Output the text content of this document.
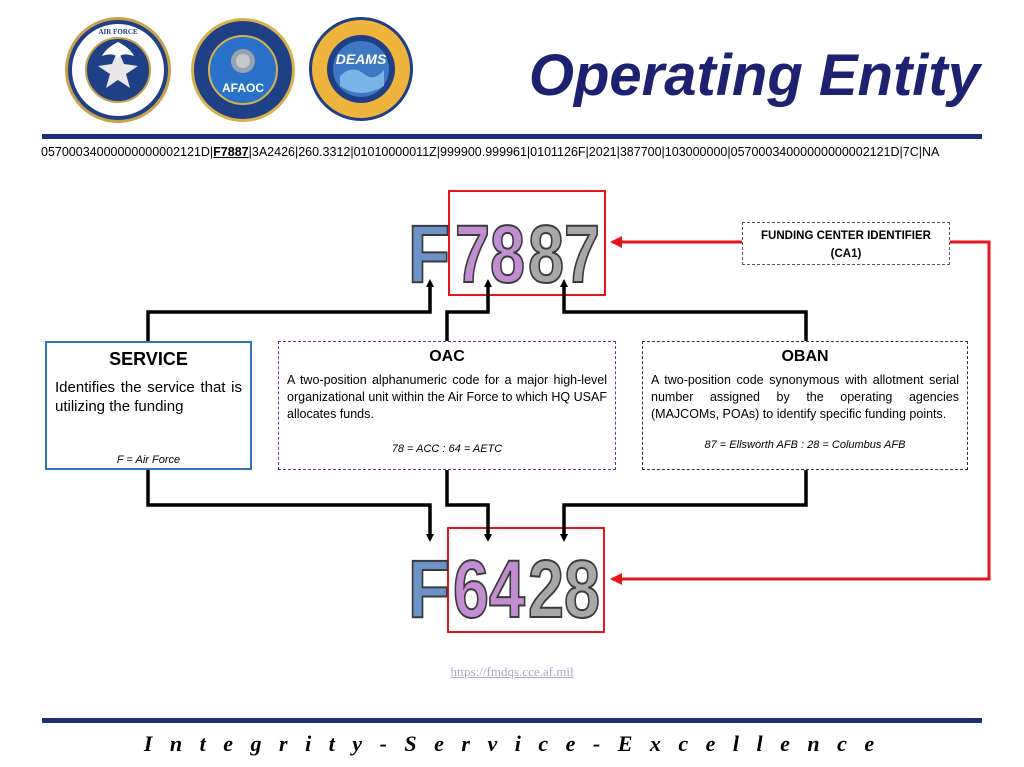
AIR FORCE
AFAOC
DEAMS	Operating Entity
05700034000000000002121D|F7887|3A2426|260.3312|01010000011Z|999900.999961|0101126F|2021|387700|103000000|05700034000000000002121D|7C|NA
F 78 87
F 64 28
FUNDING CENTER IDENTIFIER
(CA1)
SERVICE

Identifies the service that is utilizing the funding

F = Air Force
OAC

A two-position alphanumeric code for a major high-level organizational unit within the Air Force to which HQ USAF allocates funds.

78 = ACC : 64 = AETC
OBAN

A two-position code synonymous with allotment serial number assigned by the operating agencies (MAJCOMs, POAs) to identify specific funding points.

87 = Ellsworth AFB : 28 = Columbus AFB
https://fmdqs.cce.af.mil
I n t e g r i t y - S e r v i c e - E x c e l l e n c e
